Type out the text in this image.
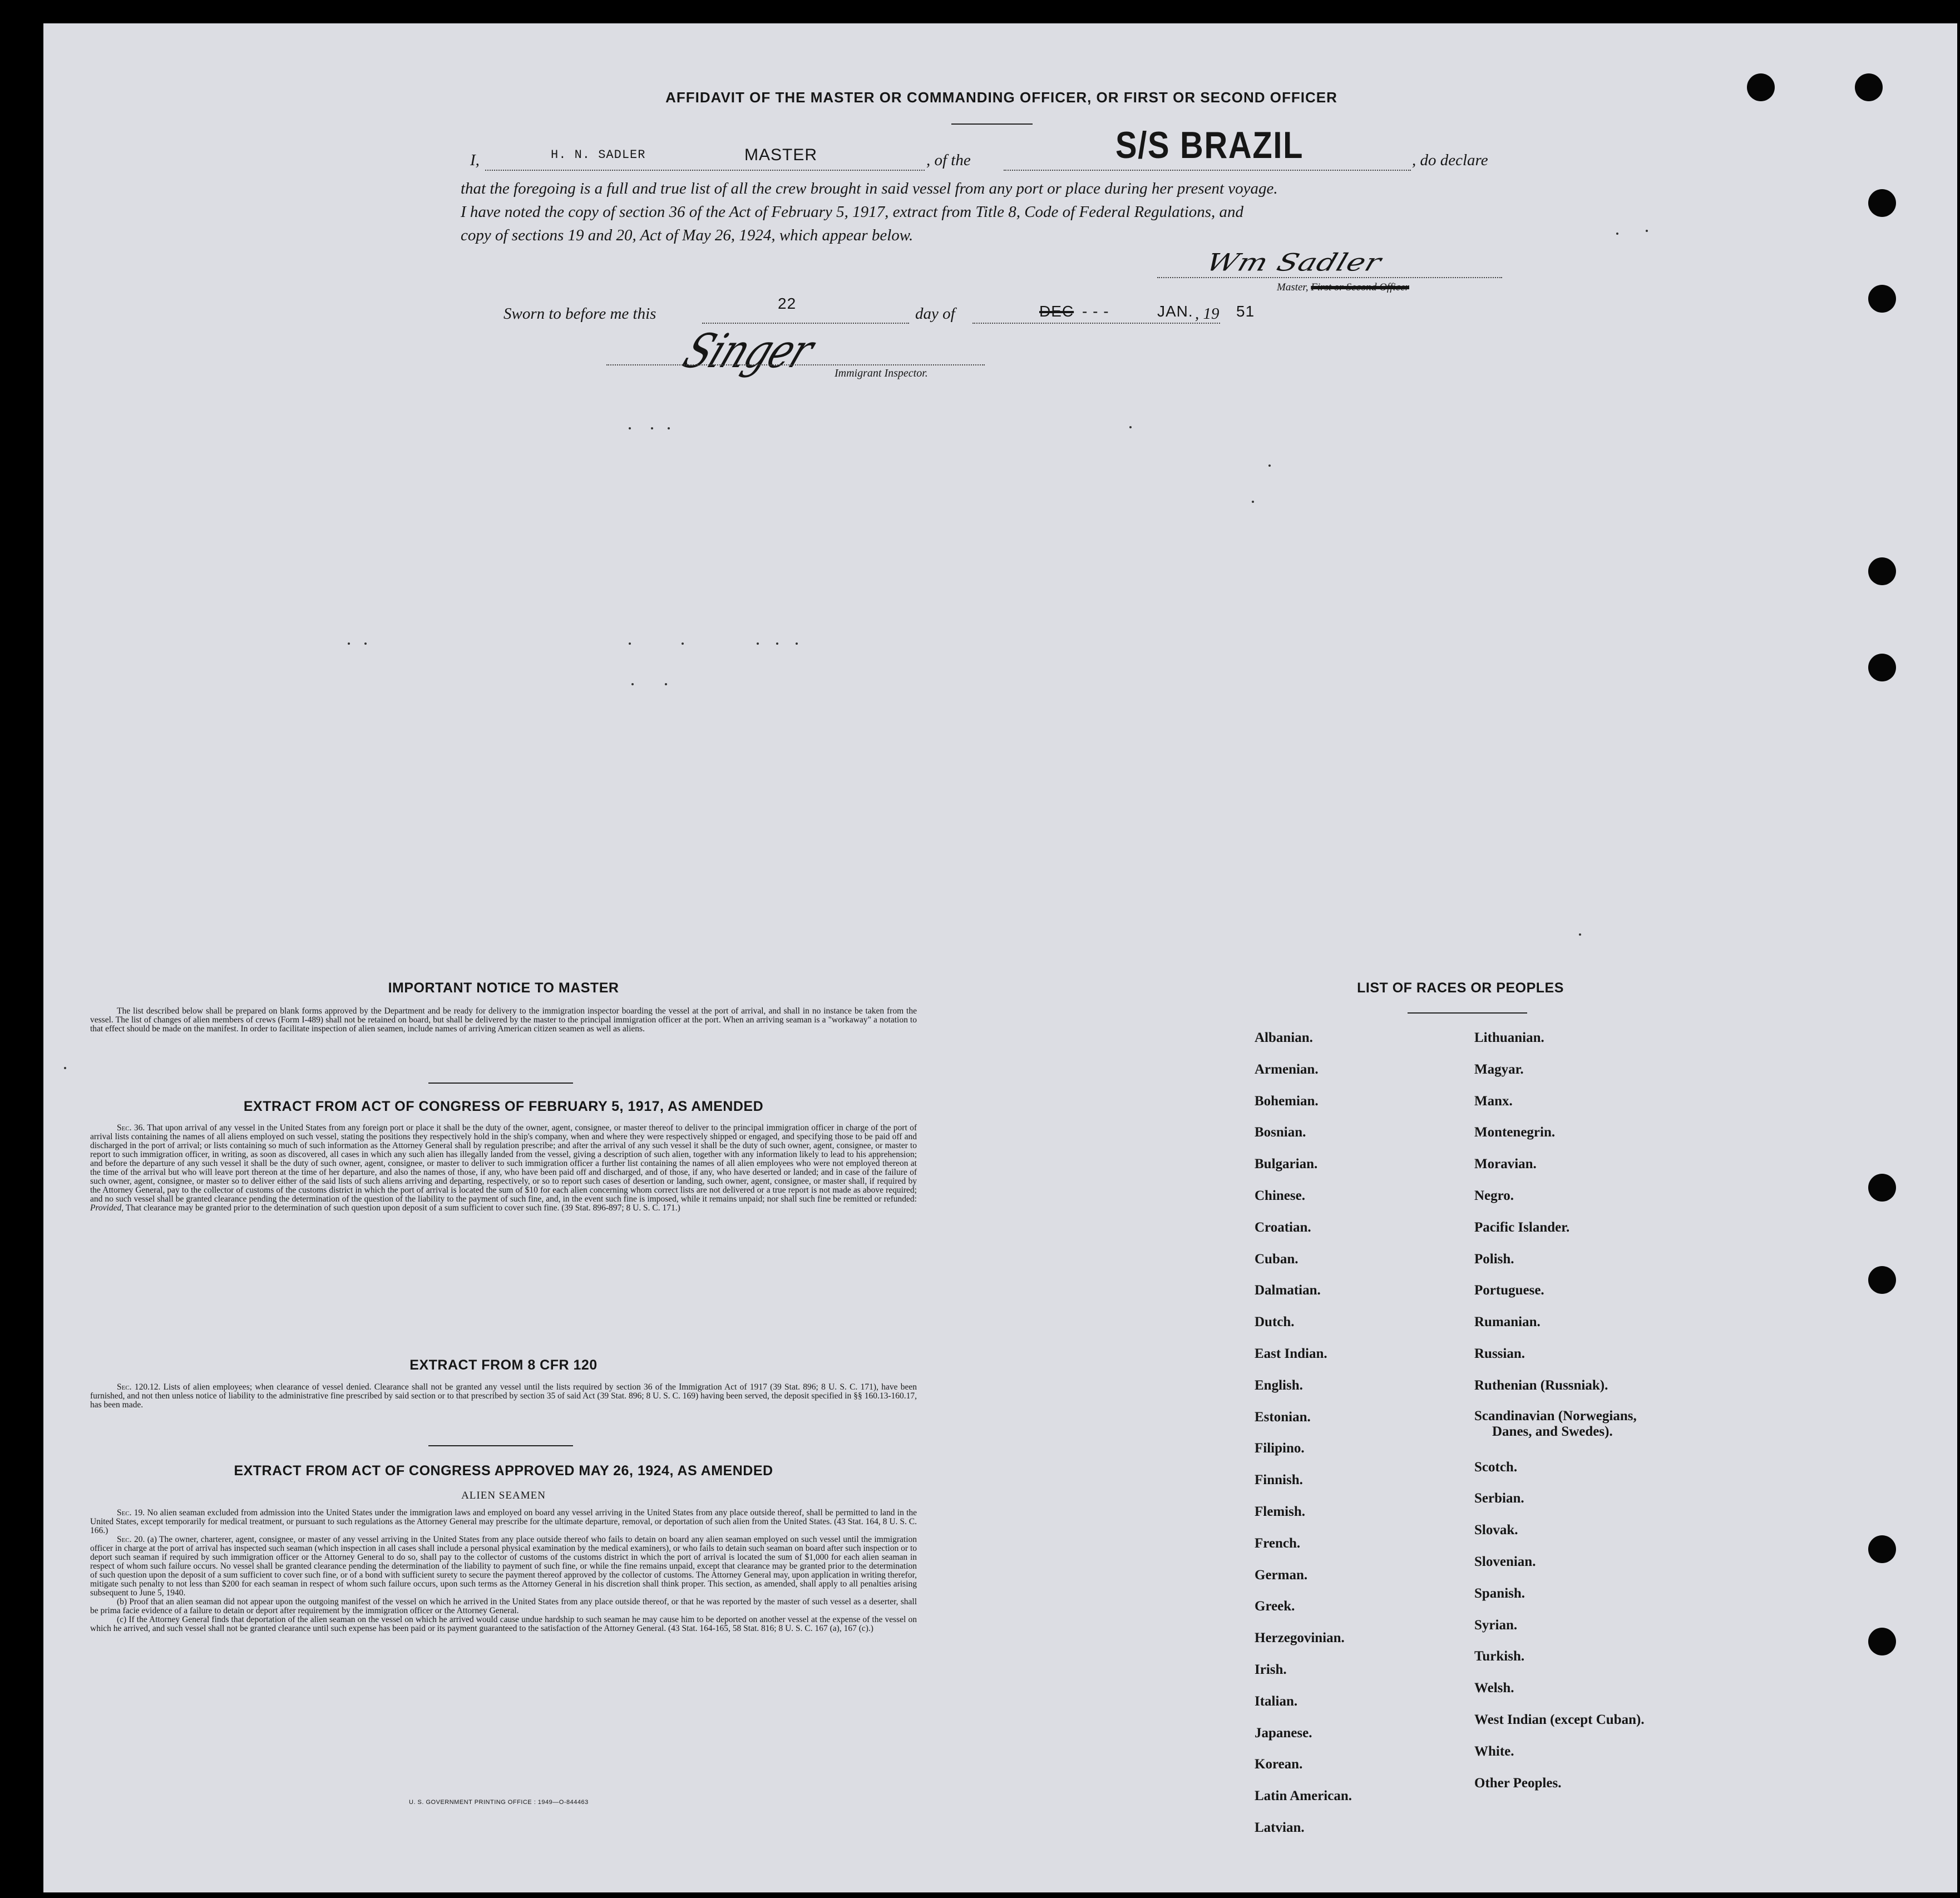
AFFIDAVIT OF THE MASTER OR COMMANDING OFFICER, OR FIRST OR SECOND OFFICER
I,	H. N. SADLER	MASTER	, of the	S/S BRAZIL	, do declare
that the foregoing is a full and true list of all the crew brought in said vessel from any port or place during her present voyage.
I have noted the copy of section 36 of the Act of February 5, 1917, extract from Title 8, Code of Federal Regulations, and
copy of sections 19 and 20, Act of May 26, 1924, which appear below.
Wm Sadler
Master, First or Second Officer
Sworn to before me this
22
day of	DEC - - -	JAN. , 19 51
Singer Immigrant Inspector.
IMPORTANT NOTICE TO MASTER

The list described below shall be prepared on blank forms approved by the Department and be ready for delivery to the immigration inspector boarding the vessel at the port of arrival, and shall in no instance be taken from the vessel. The list of changes of alien members of crews (Form I-489) shall not be retained on board, but shall be delivered by the master to the principal immigration officer at the port. When an arriving seaman is a "workaway" a notation to that effect should be made on the manifest. In order to facilitate inspection of alien seamen, include names of arriving American citizen seamen as well as aliens.

EXTRACT FROM ACT OF CONGRESS OF FEBRUARY 5, 1917, AS AMENDED

Sec. 36. That upon arrival of any vessel in the United States from any foreign port or place it shall be the duty of the owner, agent, consignee, or master thereof to deliver to the principal immigration officer in charge of the port of arrival lists containing the names of all aliens employed on such vessel, stating the positions they respectively hold in the ship's company, when and where they were respectively shipped or engaged, and specifying those to be paid off and discharged in the port of arrival; or lists containing so much of such information as the Attorney General shall by regulation prescribe; and after the arrival of any such vessel it shall be the duty of such owner, agent, consignee, or master to report to such immigration officer, in writing, as soon as discovered, all cases in which any such alien has illegally landed from the vessel, giving a description of such alien, together with any information likely to lead to his apprehension; and before the departure of any such vessel it shall be the duty of such owner, agent, consignee, or master to deliver to such immigration officer a further list containing the names of all alien employees who were not employed thereon at the time of the arrival but who will leave port thereon at the time of her departure, and also the names of those, if any, who have been paid off and discharged, and of those, if any, who have deserted or landed; and in case of the failure of such owner, agent, consignee, or master so to deliver either of the said lists of such aliens arriving and departing, respectively, or so to report such cases of desertion or landing, such owner, agent, consignee, or master shall, if required by the Attorney General, pay to the collector of customs of the customs district in which the port of arrival is located the sum of $10 for each alien concerning whom correct lists are not delivered or a true report is not made as above required; and no such vessel shall be granted clearance pending the determination of the question of the liability to the payment of such fine, and, in the event such fine is imposed, while it remains unpaid; nor shall such fine be remitted or refunded: Provided, That clearance may be granted prior to the determination of such question upon deposit of a sum sufficient to cover such fine. (39 Stat. 896-897; 8 U. S. C. 171.)

EXTRACT FROM 8 CFR 120

Sec. 120.12. Lists of alien employees; when clearance of vessel denied. Clearance shall not be granted any vessel until the lists required by section 36 of the Immigration Act of 1917 (39 Stat. 896; 8 U. S. C. 171), have been furnished, and not then unless notice of liability to the administrative fine prescribed by said section or to that prescribed by section 35 of said Act (39 Stat. 896; 8 U. S. C. 169) having been served, the deposit specified in §§ 160.13-160.17, has been made.

EXTRACT FROM ACT OF CONGRESS APPROVED MAY 26, 1924, AS AMENDED
ALIEN SEAMEN

Sec. 19. No alien seaman excluded from admission into the United States under the immigration laws and employed on board any vessel arriving in the United States from any place outside thereof, shall be permitted to land in the United States, except temporarily for medical treatment, or pursuant to such regulations as the Attorney General may prescribe for the ultimate departure, removal, or deportation of such alien from the United States. (43 Stat. 164, 8 U. S. C. 166.)

Sec. 20. (a) The owner, charterer, agent, consignee, or master of any vessel arriving in the United States from any place outside thereof who fails to detain on board any alien seaman employed on such vessel until the immigration officer in charge at the port of arrival has inspected such seaman (which inspection in all cases shall include a personal physical examination by the medical examiners), or who fails to detain such seaman on board after such inspection or to deport such seaman if required by such immigration officer or the Attorney General to do so, shall pay to the collector of customs of the customs district in which the port of arrival is located the sum of $1,000 for each alien seaman in respect of whom such failure occurs. No vessel shall be granted clearance pending the determination of the liability to payment of such fine, or while the fine remains unpaid, except that clearance may be granted prior to the determination of such question upon the deposit of a sum sufficient to cover such fine, or of a bond with sufficient surety to secure the payment thereof approved by the collector of customs. The Attorney General may, upon application in writing therefor, mitigate such penalty to not less than $200 for each seaman in respect of whom such failure occurs, upon such terms as the Attorney General in his discretion shall think proper. This section, as amended, shall apply to all penalties arising subsequent to June 5, 1940.

(b) Proof that an alien seaman did not appear upon the outgoing manifest of the vessel on which he arrived in the United States from any place outside thereof, or that he was reported by the master of such vessel as a deserter, shall be prima facie evidence of a failure to detain or deport after requirement by the immigration officer or the Attorney General.

(c) If the Attorney General finds that deportation of the alien seaman on the vessel on which he arrived would cause undue hardship to such seaman he may cause him to be deported on another vessel at the expense of the vessel on which he arrived, and such vessel shall not be granted clearance until such expense has been paid or its payment guaranteed to the satisfaction of the Attorney General. (43 Stat. 164-165, 58 Stat. 816; 8 U. S. C. 167 (a), 167 (c).)

U. S. GOVERNMENT PRINTING OFFICE : 1949—O-844463
LIST OF RACES OR PEOPLES
Albanian.
Armenian.
Bohemian.
Bosnian.
Bulgarian.
Chinese.
Croatian.
Cuban.
Dalmatian.
Dutch.
East Indian.
English.
Estonian.
Filipino.
Finnish.
Flemish.
French.
German.
Greek.
Herzegovinian.
Irish.
Italian.
Japanese.
Korean.
Latin American.
Latvian.
Lithuanian.
Magyar.
Manx.
Montenegrin.
Moravian.
Negro.
Pacific Islander.
Polish.
Portuguese.
Rumanian.
Russian.
Ruthenian (Russniak).
Scandinavian (Norwegians,
Danes, and Swedes).
Scotch.
Serbian.
Slovak.
Slovenian.
Spanish.
Syrian.
Turkish.
Welsh.
West Indian (except Cuban).
White.
Other Peoples.
